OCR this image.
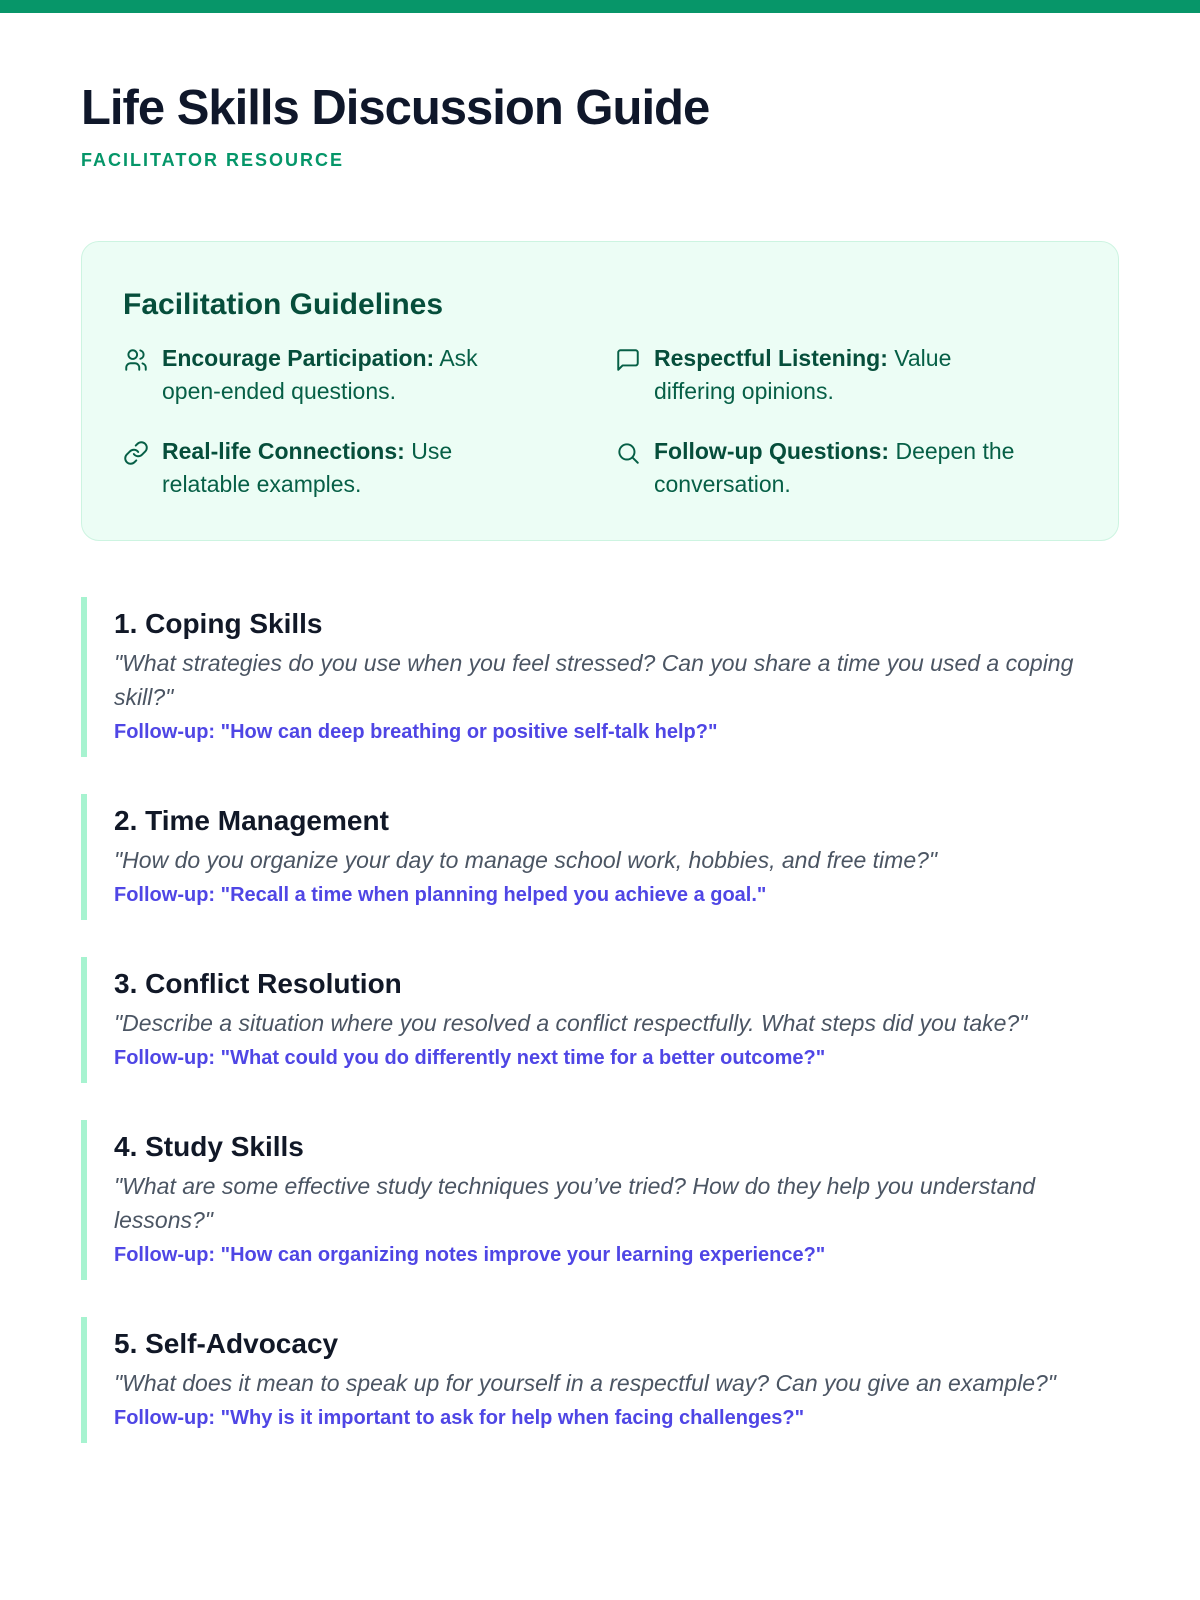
Life Skills Discussion Guide
FACILITATOR RESOURCE
Facilitation Guidelines
Encourage Participation: Ask open-ended questions.
Respectful Listening: Value differing opinions.
Real-life Connections: Use relatable examples.
Follow-up Questions: Deepen the conversation.
1. Coping Skills

"What strategies do you use when you feel stressed? Can you share a time you used a coping skill?"

Follow-up: "How can deep breathing or positive self-talk help?"

2. Time Management

"How do you organize your day to manage school work, hobbies, and free time?"

Follow-up: "Recall a time when planning helped you achieve a goal."

3. Conflict Resolution

"Describe a situation where you resolved a conflict respectfully. What steps did you take?"

Follow-up: "What could you do differently next time for a better outcome?"

4. Study Skills

"What are some effective study techniques you’ve tried? How do they help you understand lessons?"

Follow-up: "How can organizing notes improve your learning experience?"

5. Self-Advocacy

"What does it mean to speak up for yourself in a respectful way? Can you give an example?"

Follow-up: "Why is it important to ask for help when facing challenges?"
